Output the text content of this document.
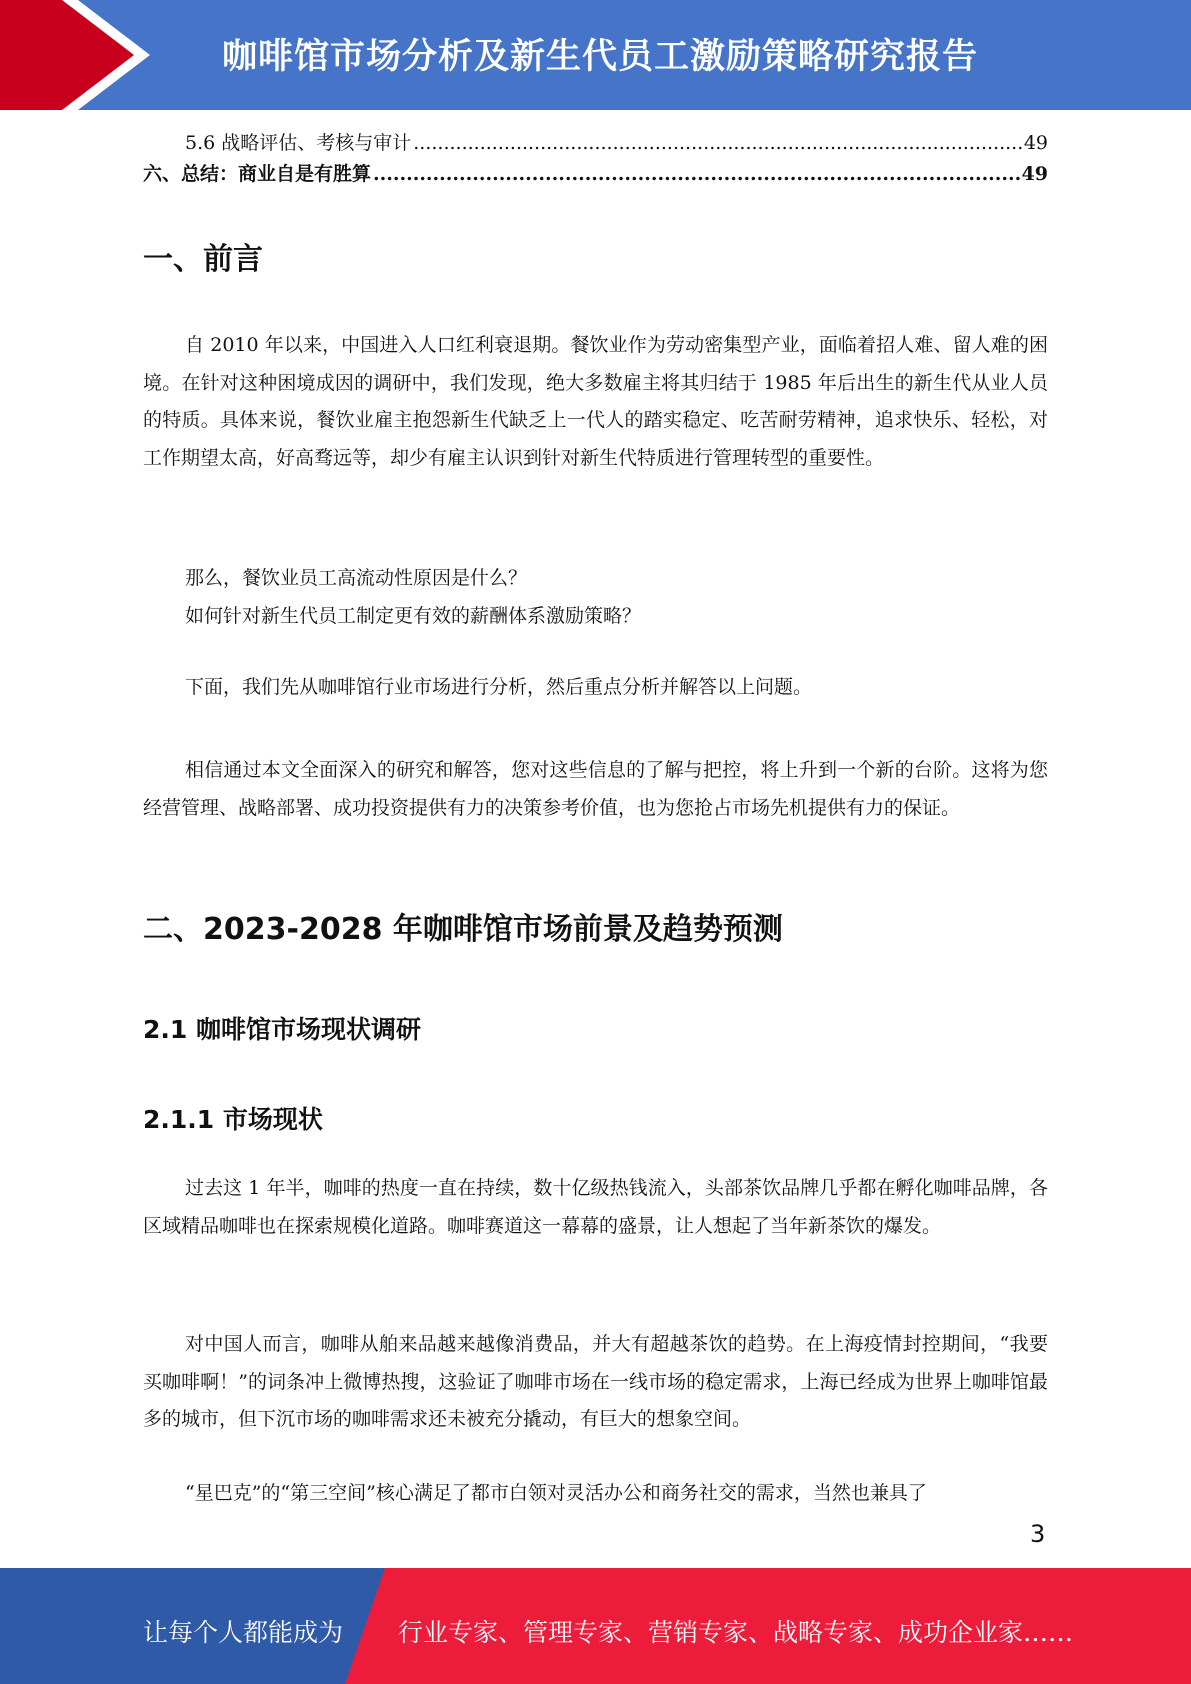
咖啡馆市场分析及新生代员工激励策略研究报告
5.6 战略评估、考核与审计 .....	49
六、总结：商业自是有胜算 .....	49
一、前言

自 2010 年以来，中国进入人口红利衰退期。餐饮业作为劳动密集型产业，面临着招人难、留人难的困境。在针对这种困境成因的调研中，我们发现，绝大多数雇主将其归结于 1985 年后出生的新生代从业人员的特质。具体来说，餐饮业雇主抱怨新生代缺乏上一代人的踏实稳定、吃苦耐劳精神，追求快乐、轻松，对工作期望太高，好高骛远等，却少有雇主认识到针对新生代特质进行管理转型的重要性。

那么，餐饮业员工高流动性原因是什么？
如何针对新生代员工制定更有效的薪酬体系激励策略？

下面，我们先从咖啡馆行业市场进行分析，然后重点分析并解答以上问题。

相信通过本文全面深入的研究和解答，您对这些信息的了解与把控，将上升到一个新的台阶。这将为您经营管理、战略部署、成功投资提供有力的决策参考价值，也为您抢占市场先机提供有力的保证。

二、2023-2028 年咖啡馆市场前景及趋势预测
2.1 咖啡馆市场现状调研
2.1.1 市场现状

过去这 1 年半，咖啡的热度一直在持续，数十亿级热钱流入，头部茶饮品牌几乎都在孵化咖啡品牌，各区域精品咖啡也在探索规模化道路。咖啡赛道这一幕幕的盛景，让人想起了当年新茶饮的爆发。

对中国人而言，咖啡从舶来品越来越像消费品，并大有超越茶饮的趋势。在上海疫情封控期间，“我要买咖啡啊！”的词条冲上微博热搜，这验证了咖啡市场在一线市场的稳定需求，上海已经成为世界上咖啡馆最多的城市，但下沉市场的咖啡需求还未被充分撬动，有巨大的想象空间。

“星巴克”的“第三空间”核心满足了都市白领对灵活办公和商务社交的需求，当然也兼具了

3
让每个人都能成为 行业专家、管理专家、营销专家、战略专家、成功企业家……
